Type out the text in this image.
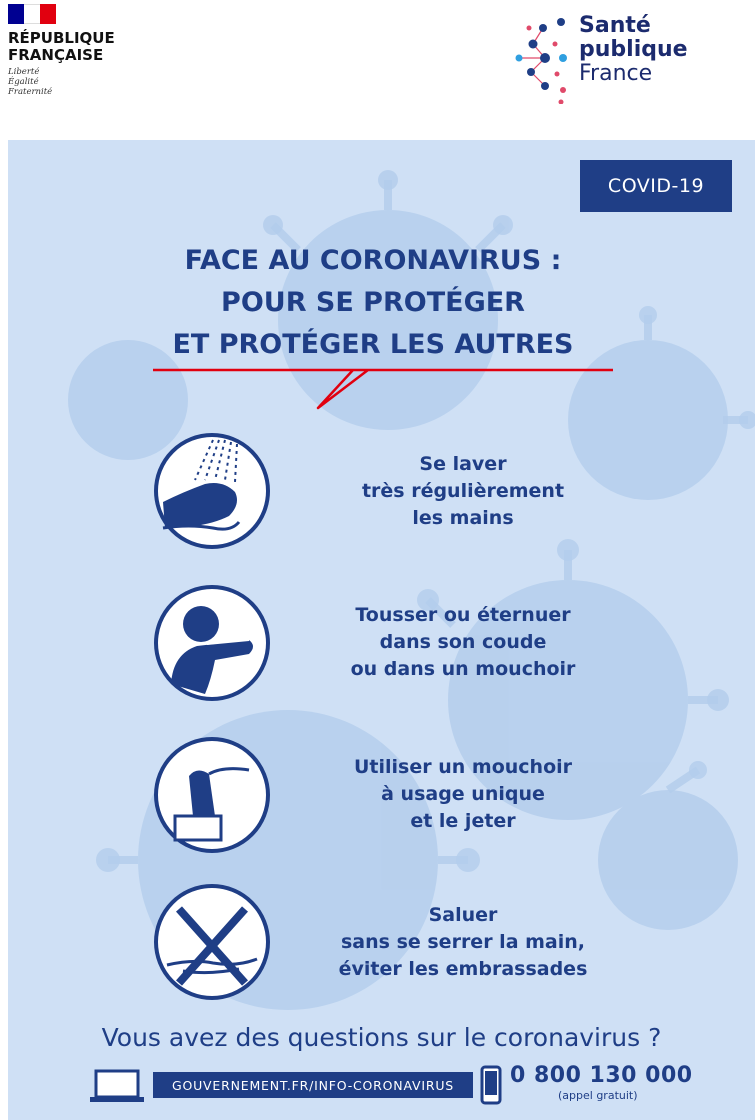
RÉPUBLIQUE
FRANÇAISE
Liberté
Égalité
Fraternité
Santé
publique
France
COVID-19
FACE AU CORONAVIRUS :
POUR SE PROTÉGER
ET PROTÉGER LES AUTRES
Se laver
très régulièrement
les mains
Tousser ou éternuer
dans son coude
ou dans un mouchoir
Utiliser un mouchoir
à usage unique
et le jeter
Saluer
sans se serrer la main,
éviter les embrassades
Vous avez des questions sur le coronavirus ?
GOUVERNEMENT.FR/INFO-CORONAVIRUS	0 800 130 000
(appel gratuit)
